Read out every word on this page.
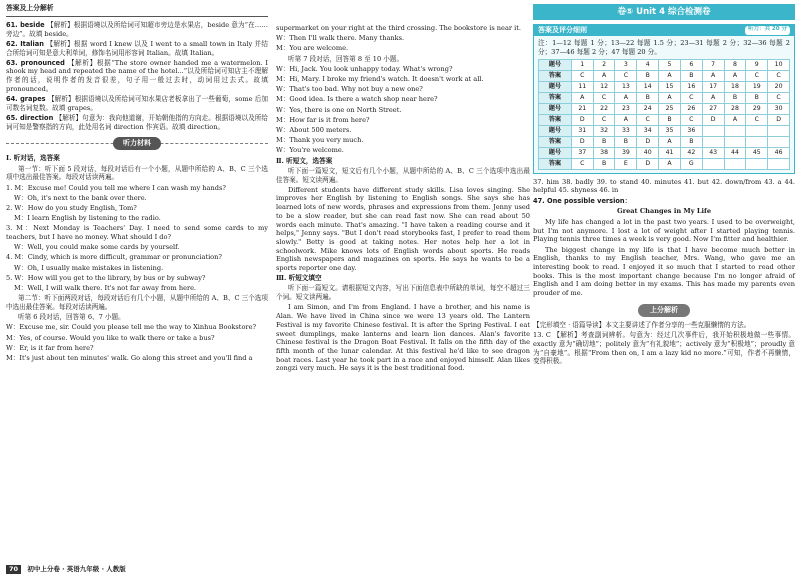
答案及上分解析

61. beside 【解析】根据语境以及所给词可知超市旁边是水果店，beside 意为“在……旁边”。故填 beside。

62. Italian 【解析】根据 word I knew 以及 I went to a small town in Italy 并结合所给词可知是意大利单词，修饰名词用形容词 Italian。故填 Italian。

63. pronounced 【解析】根据“The store owner handed me a watermelon. I shook my head and repeated the name of the hotel...”以及所给词可知店主不理解作者的话，说明作者的发音很差，句子用一般过去时，动词用过去式。故填 pronounced。

64. grapes 【解析】根据语境以及所给词可知水果店老板拿出了一些葡萄，some 后加可数名词复数。故填 grapes。

65. direction 【解析】句意为：我向他道谢，开始朝他指的方向走。根据语境以及所给词可知是警察指的方向，此处用名词 direction 作宾语。故填 direction。

听力材料

Ⅰ. 听对话，选答案

第一节：听下面 5 段对话，每段对话后有一个小题，从题中所给的 A、B、C 三个选项中选出最佳答案。每段对话读两遍。

1. M：Excuse me! Could you tell me where I can wash my hands?

W：Oh, it's next to the bank over there.

2. W：How do you study English, Tom?

M：I learn English by listening to the radio.

3. M：Next Monday is Teachers' Day. I need to send some cards to my teachers, but I have no money. What should I do?

W：Well, you could make some cards by yourself.

4. M：Cindy, which is more difficult, grammar or pronunciation?

W：Oh, I usually make mistakes in listening.

5. W：How will you get to the library, by bus or by subway?

M：Well, I will walk there. It's not far away from here.

第二节：听下面两段对话，每段对话后有几个小题，从题中所给的 A、B、C 三个选项中选出最佳答案。每段对话读两遍。

听第 6 段对话，回答第 6、7 小题。

W：Excuse me, sir. Could you please tell me the way to Xinhua Bookstore?

M：Yes, of course. Would you like to walk there or take a bus?

W：Er, is it far from here?

M：It's just about ten minutes' walk. Go along this street and you'll find a

supermarket on your right at the third crossing. The bookstore is near it.

W：Then I'll walk there. Many thanks.

M：You are welcome.

听第 7 段对话，回答第 8 至 10 小题。

W：Hi, Jack. You look unhappy today. What's wrong?

M：Hi, Mary. I broke my friend's watch. It doesn't work at all.

W：That's too bad. Why not buy a new one?

M：Good idea. Is there a watch shop near here?

W：Yes, there is one on North Street.

M：How far is it from here?

W：About 500 meters.

M：Thank you very much.

W：You're welcome.

Ⅱ. 听短文，选答案

听下面一篇短文，短文后有几个小题，从题中所给的 A、B、C 三个选项中选出最佳答案。短文读两遍。

Different students have different study skills. Lisa loves singing. She improves her English by listening to English songs. She says she has learned lots of new words, phrases and expressions from them. Jenny used to be a slow reader, but she can read fast now. She can read about 50 words each minute. That's amazing. "I have taken a reading course and it helps," Jenny says. "But I don't read storybooks fast, I prefer to read them slowly." Betty is good at taking notes. Her notes help her a lot in schoolwork. Mike knows lots of English words about sports. He reads English newspapers and magazines on sports. He says he wants to be a sports reporter one day.

Ⅲ. 听短文填空

听下面一篇短文。请根据短文内容，写出下面信息表中所缺的单词，每空不超过三个词。短文读两遍。

I am Simon, and I'm from England. I have a brother, and his name is Alan. We have lived in China since we were 13 years old. The Lantern Festival is my favorite Chinese festival. It is after the Spring Festival. I eat sweet dumplings, make lanterns and learn lion dances. Alan's favorite Chinese festival is the Dragon Boat Festival. It falls on the fifth day of the fifth month of the lunar calendar. At this festival he'd like to see dragon boat races. Last year he took part in a race and enjoyed himself. Alan likes zongzi very much. He says it is the best traditional food.

卷⑤ Unit 4 综合检测卷
答案及评分细则	听力：共 20 分

注：1—12 每题 1 分；13—22 每题 1.5 分；23—31 每题 2 分；32—36 每题 2 分；37—46 每题 2 分；47 每题 20 分。

题号	1	2	3	4	5	6	7	8	9	10
答案	C	A	C	B	A	B	A	A	C	C
题号	11	12	13	14	15	16	17	18	19	20
答案	A	C	A	B	A	C	A	B	B	C
题号	21	22	23	24	25	26	27	28	29	30
答案	D	C	A	C	B	C	D	A	C	D
题号	31	32	33	34	35	36				
答案	D	B	B	D	A	B				
题号	37	38	39	40	41	42	43	44	45	46
答案	C	B	E	D	A	G				

37. him 38. badly 39. to stand 40. minutes 41. but 42. down/from 43. a 44. helpful 45. shyness 46. in

47. One possible version：

Great Changes in My Life

My life has changed a lot in the past two years. I used to be overweight, but I'm not anymore. I lost a lot of weight after I started playing tennis. Playing tennis three times a week is very good. Now I'm fitter and healthier.

The biggest change in my life is that I have become much better in English, thanks to my English teacher, Mrs. Wang, who gave me an interesting book to read. I enjoyed it so much that I started to read other books. This is the most important change because I'm no longer afraid of English and I am doing better in my exams. This has made my parents even prouder of me.

上分解析

【完形填空 · 语篇导读】本文主要讲述了作者分享的一些克服懒惰的方法。

13. C 【解析】考查副词辨析。句意为：经过几次事件后，我开始积极地做一些事情。exactly 意为“确切地”；politely 意为“有礼貌地”；actively 意为“积极地”；proudly 意为“自豪地”。根据“From then on, I am a lazy kid no more.”可知，作者不再懒惰，变得积极。

70 初中上分卷 · 英语九年级 · 人教版
